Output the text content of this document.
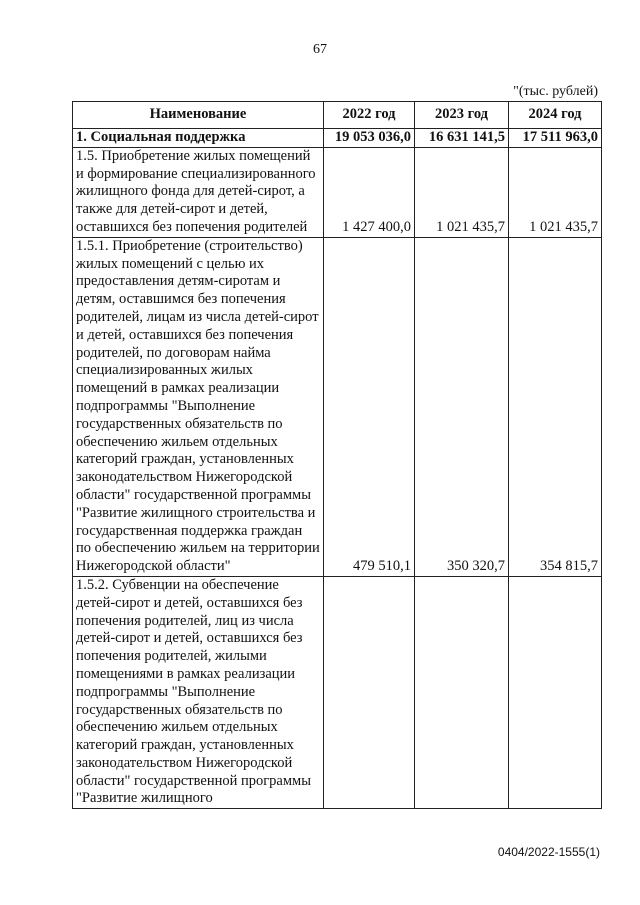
67
"(тыс. рублей)
Наименование	2022 год	2023 год	2024 год
1. Социальная поддержка	19 053 036,0	16 631 141,5	17 511 963,0
1.5. Приобретение жилых помещений и формирование специализированного жилищного фонда для детей-сирот, а также для детей-сирот и детей, оставшихся без попечения родителей	1 427 400,0	1 021 435,7	1 021 435,7
1.5.1. Приобретение (строительство) жилых помещений с целью их предоставления детям-сиротам и детям, оставшимся без попечения родителей, лицам из числа детей-сирот и детей, оставшихся без попечения родителей, по договорам найма специализированных жилых помещений в рамках реализации подпрограммы "Выполнение государственных обязательств по обеспечению жильем отдельных категорий граждан, установленных законодательством Нижегородской области" государственной программы "Развитие жилищного строительства и государственная поддержка граждан по обеспечению жильем на территории Нижегородской области"	479 510,1	350 320,7	354 815,7
1.5.2. Субвенции на обеспечение детей-сирот и детей, оставшихся без попечения родителей, лиц из числа детей-сирот и детей, оставшихся без попечения родителей, жилыми помещениями в рамках реализации подпрограммы "Выполнение государственных обязательств по обеспечению жильем отдельных категорий граждан, установленных законодательством Нижегородской области" государственной программы "Развитие жилищного			
0404/2022-1555(1)
